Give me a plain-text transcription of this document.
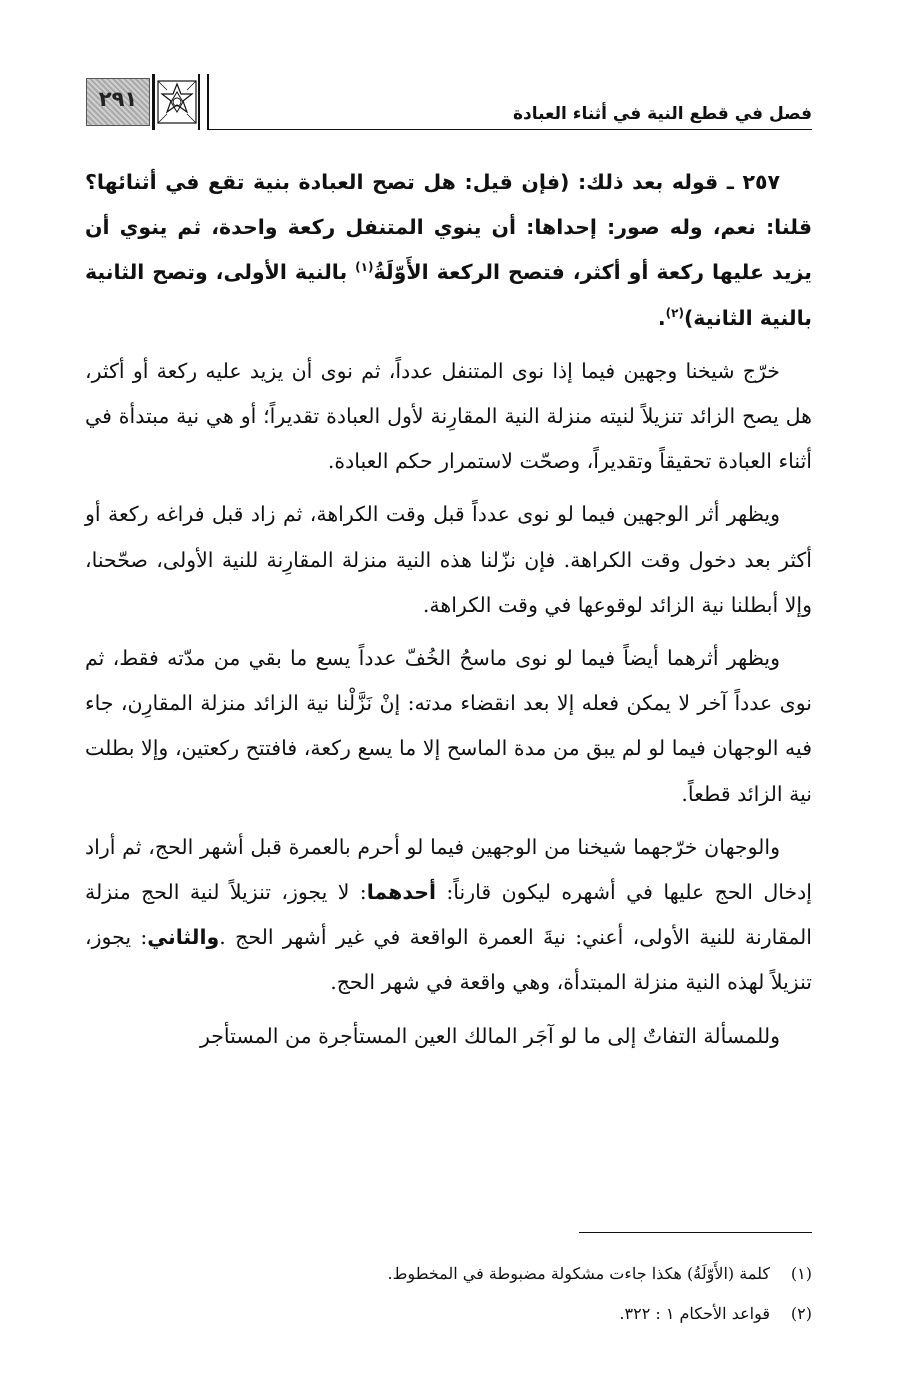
فصل في قطع النية في أثناء العبادة
٢٩١

٢٥٧ ـ قوله بعد ذلك: (فإن قيل: هل تصح العبادة بنية تقع في أثنائها؟ قلنا: نعم، وله صور: إحداها: أن ينوي المتنفل ركعة واحدة، ثم ينوي أن يزيد عليها ركعة أو أكثر، فتصح الركعة الأَوّلَةُ$^{(١)}$ بالنية الأولى، وتصح الثانية بالنية الثانية)$^{(٢)}$.

خرّج شيخنا وجهين فيما إذا نوى المتنفل عدداً، ثم نوى أن يزيد عليه ركعة أو أكثر، هل يصح الزائد تنزيلاً لنيته منزلة النية المقارِنة لأول العبادة تقديراً؛ أو هي نية مبتدأة في أثناء العبادة تحقيقاً وتقديراً، وصحّت لاستمرار حكم العبادة.

ويظهر أثر الوجهين فيما لو نوى عدداً قبل وقت الكراهة، ثم زاد قبل فراغه ركعة أو أكثر بعد دخول وقت الكراهة. فإن نزّلنا هذه النية منزلة المقارِنة للنية الأولى، صحّحنا، وإلا أبطلنا نية الزائد لوقوعها في وقت الكراهة.

ويظهر أثرهما أيضاً فيما لو نوى ماسحُ الخُفّ عدداً يسع ما بقي من مدّته فقط، ثم نوى عدداً آخر لا يمكن فعله إلا بعد انقضاء مدته: إنْ نَزَّلْنا نية الزائد منزلة المقارِن، جاء فيه الوجهان فيما لو لم يبق من مدة الماسح إلا ما يسع ركعة، فافتتح ركعتين، وإلا بطلت نية الزائد قطعاً.

والوجهان خرّجهما شيخنا من الوجهين فيما لو أحرم بالعمرة قبل أشهر الحج، ثم أراد إدخال الحج عليها في أشهره ليكون قارناً: أحدهما: لا يجوز، تنزيلاً لنية الحج منزلة المقارنة للنية الأولى، أعني: نيةَ العمرة الواقعة في غير أشهر الحج .والثاني: يجوز، تنزيلاً لهذه النية منزلة المبتدأة، وهي واقعة في شهر الحج.

وللمسألة التفاتٌ إلى ما لو آجَر المالك العين المستأجرة من المستأجر

(١)
كلمة (الأَوّلَةُ) هكذا جاءت مشكولة مضبوطة في المخطوط.
(٢)
قواعد الأحكام ١ : ٣٢٢.
